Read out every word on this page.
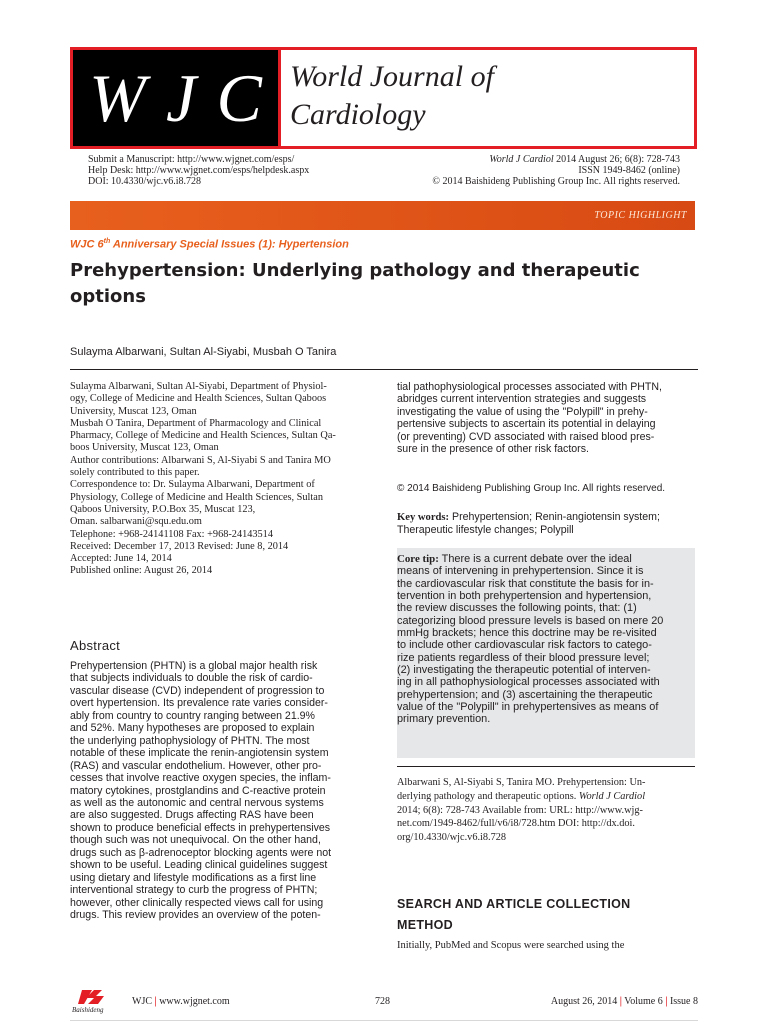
W J C World Journal of
Cardiology
Submit a Manuscript: http://www.wjgnet.com/esps/
Help Desk: http://www.wjgnet.com/esps/helpdesk.aspx
DOI: 10.4330/wjc.v6.i8.728
World J Cardiol 2014 August 26; 6(8): 728-743
ISSN 1949-8462 (online)
© 2014 Baishideng Publishing Group Inc. All rights reserved.
TOPIC HIGHLIGHT
WJC 6th Anniversary Special Issues (1): Hypertension
Prehypertension: Underlying pathology and therapeutic
options
Sulayma Albarwani, Sultan Al-Siyabi, Musbah O Tanira
Sulayma Albarwani, Sultan Al-Siyabi, Department of Physiol-
ogy, College of Medicine and Health Sciences, Sultan Qaboos
University, Muscat 123, Oman
Musbah O Tanira, Department of Pharmacology and Clinical
Pharmacy, College of Medicine and Health Sciences, Sultan Qa-
boos University, Muscat 123, Oman
Author contributions: Albarwani S, Al-Siyabi S and Tanira MO
solely contributed to this paper.
Correspondence to: Dr. Sulayma Albarwani, Department of
Physiology, College of Medicine and Health Sciences, Sultan
Qaboos University, P.O.Box 35, Muscat 123,
Oman. salbarwani@squ.edu.om
Telephone: +968-24141108 Fax: +968-24143514
Received: December 17, 2013 Revised: June 8, 2014
Accepted: June 14, 2014
Published online: August 26, 2014
Abstract
Prehypertension (PHTN) is a global major health risk
that subjects individuals to double the risk of cardio-
vascular disease (CVD) independent of progression to
overt hypertension. Its prevalence rate varies consider-
ably from country to country ranging between 21.9%
and 52%. Many hypotheses are proposed to explain
the underlying pathophysiology of PHTN. The most
notable of these implicate the renin-angiotensin system
(RAS) and vascular endothelium. However, other pro-
cesses that involve reactive oxygen species, the inflam-
matory cytokines, prostglandins and C-reactive protein
as well as the autonomic and central nervous systems
are also suggested. Drugs affecting RAS have been
shown to produce beneficial effects in prehypertensives
though such was not unequivocal. On the other hand,
drugs such as β-adrenoceptor blocking agents were not
shown to be useful. Leading clinical guidelines suggest
using dietary and lifestyle modifications as a first line
interventional strategy to curb the progress of PHTN;
however, other clinically respected views call for using
drugs. This review provides an overview of the poten-
tial pathophysiological processes associated with PHTN,
abridges current intervention strategies and suggests
investigating the value of using the "Polypill" in prehy-
pertensive subjects to ascertain its potential in delaying
(or preventing) CVD associated with raised blood pres-
sure in the presence of other risk factors.
© 2014 Baishideng Publishing Group Inc. All rights reserved.
Key words: Prehypertension; Renin-angiotensin system;
Therapeutic lifestyle changes; Polypill
Core tip: There is a current debate over the ideal
means of intervening in prehypertension. Since it is
the cardiovascular risk that constitute the basis for in-
tervention in both prehypertension and hypertension,
the review discusses the following points, that: (1)
categorizing blood pressure levels is based on mere 20
mmHg brackets; hence this doctrine may be re-visited
to include other cardiovascular risk factors to catego-
rize patients regardless of their blood pressure level;
(2) investigating the therapeutic potential of interven-
ing in all pathophysiological processes associated with
prehypertension; and (3) ascertaining the therapeutic
value of the "Polypill" in prehypertensives as means of
primary prevention.
Albarwani S, Al-Siyabi S, Tanira MO. Prehypertension: Un-
derlying pathology and therapeutic options. World J Cardiol
2014; 6(8): 728-743 Available from: URL: http://www.wjg-
net.com/1949-8462/full/v6/i8/728.htm DOI: http://dx.doi.
org/10.4330/wjc.v6.i8.728
SEARCH AND ARTICLE COLLECTION
METHOD
Initially, PubMed and Scopus were searched using the
Baishideng
WJC | www.wjgnet.com	728	August 26, 2014 | Volume 6 | Issue 8
